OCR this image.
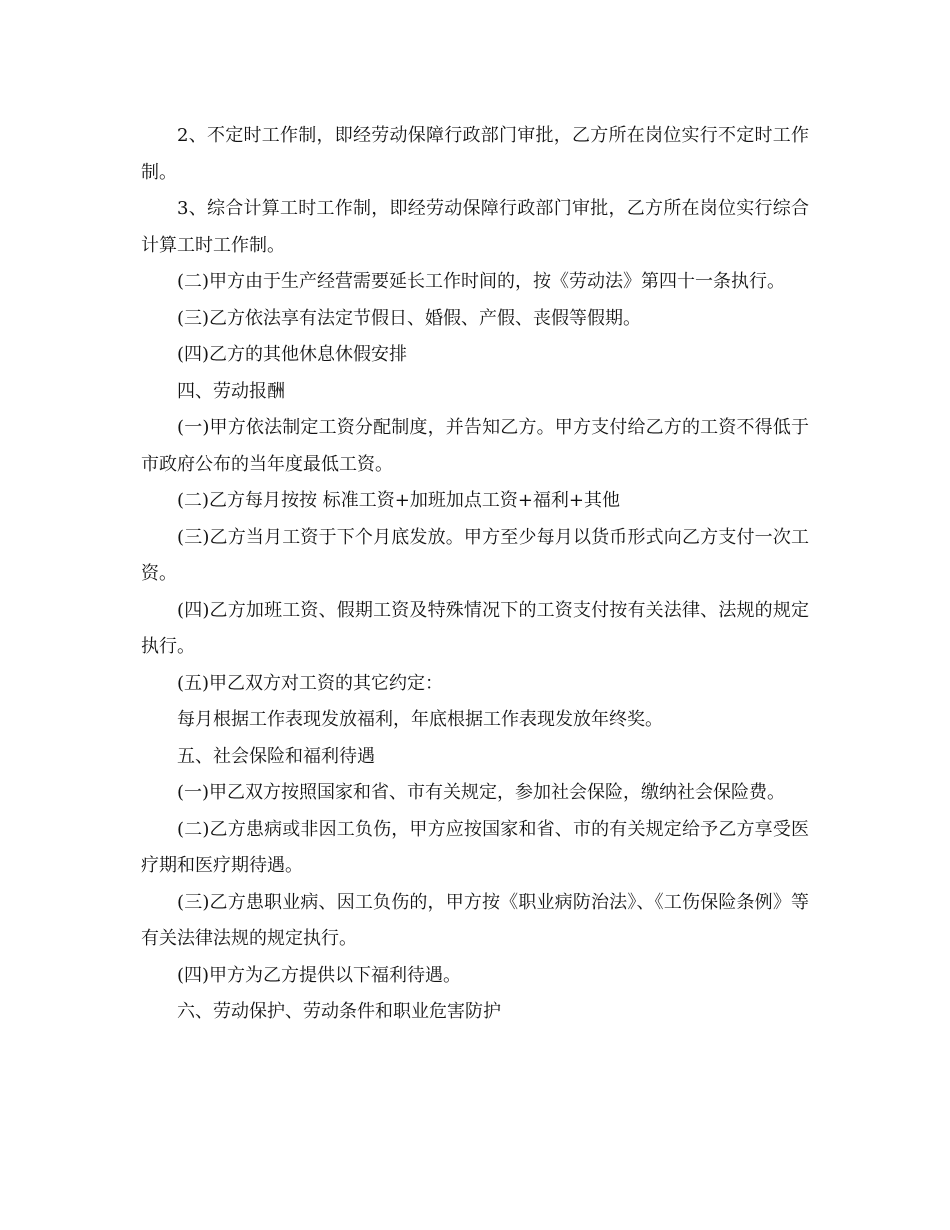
2、不定时工作制，即经劳动保障行政部门审批，乙方所在岗位实行不定时工作制。

3、综合计算工时工作制，即经劳动保障行政部门审批，乙方所在岗位实行综合计算工时工作制。

(二)甲方由于生产经营需要延长工作时间的，按《劳动法》第四十一条执行。

(三)乙方依法享有法定节假日、婚假、产假、丧假等假期。

(四)乙方的其他休息休假安排

四、劳动报酬

(一)甲方依法制定工资分配制度，并告知乙方。甲方支付给乙方的工资不得低于市政府公布的当年度最低工资。

(二)乙方每月按按 标准工资+加班加点工资+福利+其他

(三)乙方当月工资于下个月底发放。甲方至少每月以货币形式向乙方支付一次工资。

(四)乙方加班工资、假期工资及特殊情况下的工资支付按有关法律、法规的规定执行。

(五)甲乙双方对工资的其它约定：

每月根据工作表现发放福利，年底根据工作表现发放年终奖。

五、社会保险和福利待遇

(一)甲乙双方按照国家和省、市有关规定，参加社会保险，缴纳社会保险费。

(二)乙方患病或非因工负伤，甲方应按国家和省、市的有关规定给予乙方享受医疗期和医疗期待遇。

(三)乙方患职业病、因工负伤的，甲方按《职业病防治法》、《工伤保险条例》等有关法律法规的规定执行。

(四)甲方为乙方提供以下福利待遇。

六、劳动保护、劳动条件和职业危害防护
